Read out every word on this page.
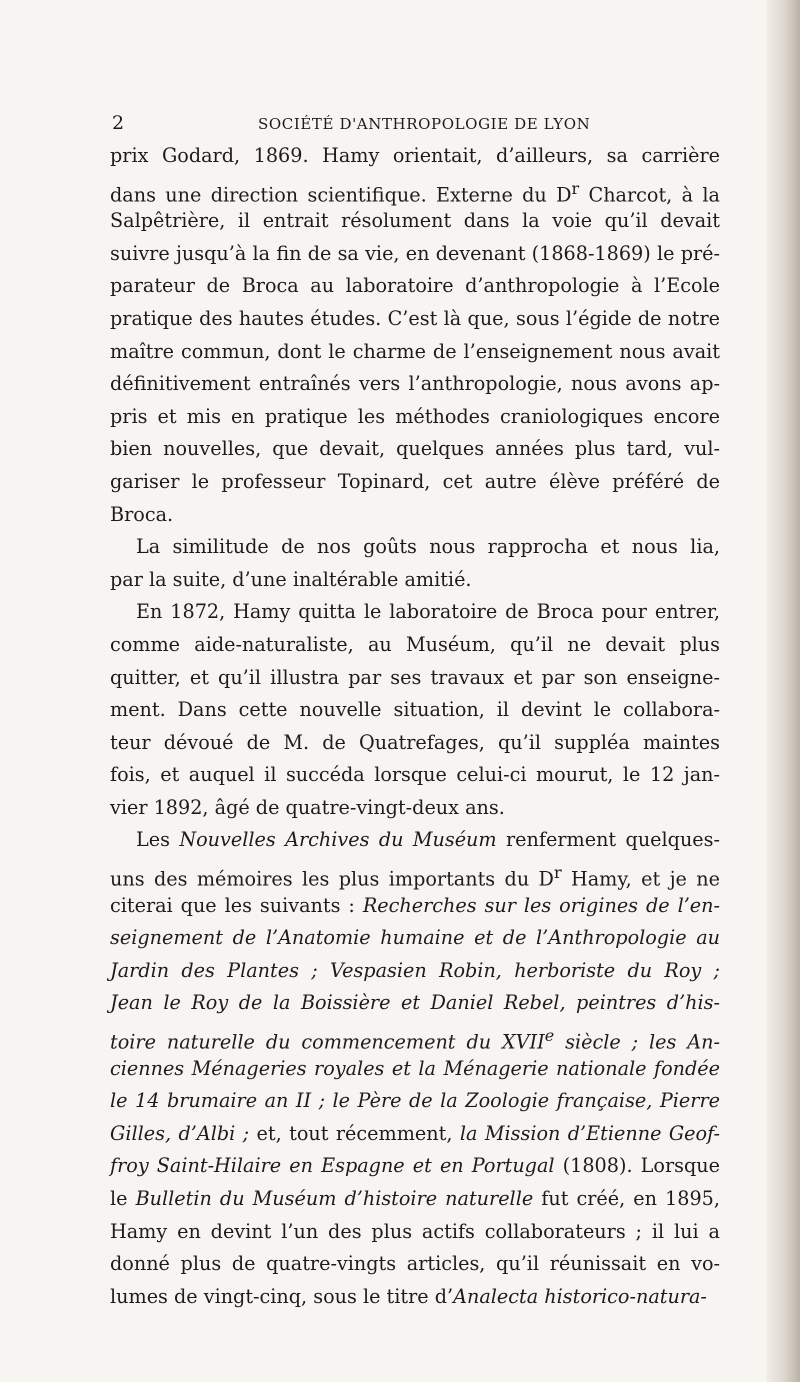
2	SOCIÉTÉ D'ANTHROPOLOGIE DE LYON
prix Godard, 1869. Hamy orientait, d’ailleurs, sa carrière
dans une direction scientifique. Externe du $D^r$ Charcot, à la
Salpêtrière, il entrait résolument dans la voie qu’il devait
suivre jusqu’à la fin de sa vie, en devenant (1868-1869) le pré-
parateur de Broca au laboratoire d’anthropologie à l’Ecole
pratique des hautes études. C’est là que, sous l’égide de notre
maître commun, dont le charme de l’enseignement nous avait
définitivement entraînés vers l’anthropologie, nous avons ap-
pris et mis en pratique les méthodes craniologiques encore
bien nouvelles, que devait, quelques années plus tard, vul-
gariser le professeur Topinard, cet autre élève préféré de
Broca.
La similitude de nos goûts nous rapprocha et nous lia,
par la suite, d’une inaltérable amitié.
En 1872, Hamy quitta le laboratoire de Broca pour entrer,
comme aide-naturaliste, au Muséum, qu’il ne devait plus
quitter, et qu’il illustra par ses travaux et par son enseigne-
ment. Dans cette nouvelle situation, il devint le collabora-
teur dévoué de M. de Quatrefages, qu’il suppléa maintes
fois, et auquel il succéda lorsque celui-ci mourut, le 12 jan-
vier 1892, âgé de quatre-vingt-deux ans.
Les Nouvelles Archives du Muséum renferment quelques-
uns des mémoires les plus importants du $D^r$ Hamy, et je ne
citerai que les suivants : Recherches sur les origines de l’en-
seignement de l’Anatomie humaine et de l’Anthropologie au
Jardin des Plantes ; Vespasien Robin, herboriste du Roy ;
Jean le Roy de la Boissière et Daniel Rebel, peintres d’his-
toire naturelle du commencement du XVIIe siècle ; les An-
ciennes Ménageries royales et la Ménagerie nationale fondée
le 14 brumaire an II ; le Père de la Zoologie française, Pierre
Gilles, d’Albi ; et, tout récemment, la Mission d’Etienne Geof-
froy Saint-Hilaire en Espagne et en Portugal (1808). Lorsque
le Bulletin du Muséum d’histoire naturelle fut créé, en 1895,
Hamy en devint l’un des plus actifs collaborateurs ; il lui a
donné plus de quatre-vingts articles, qu’il réunissait en vo-
lumes de vingt-cinq, sous le titre d’Analecta historico-natura-
